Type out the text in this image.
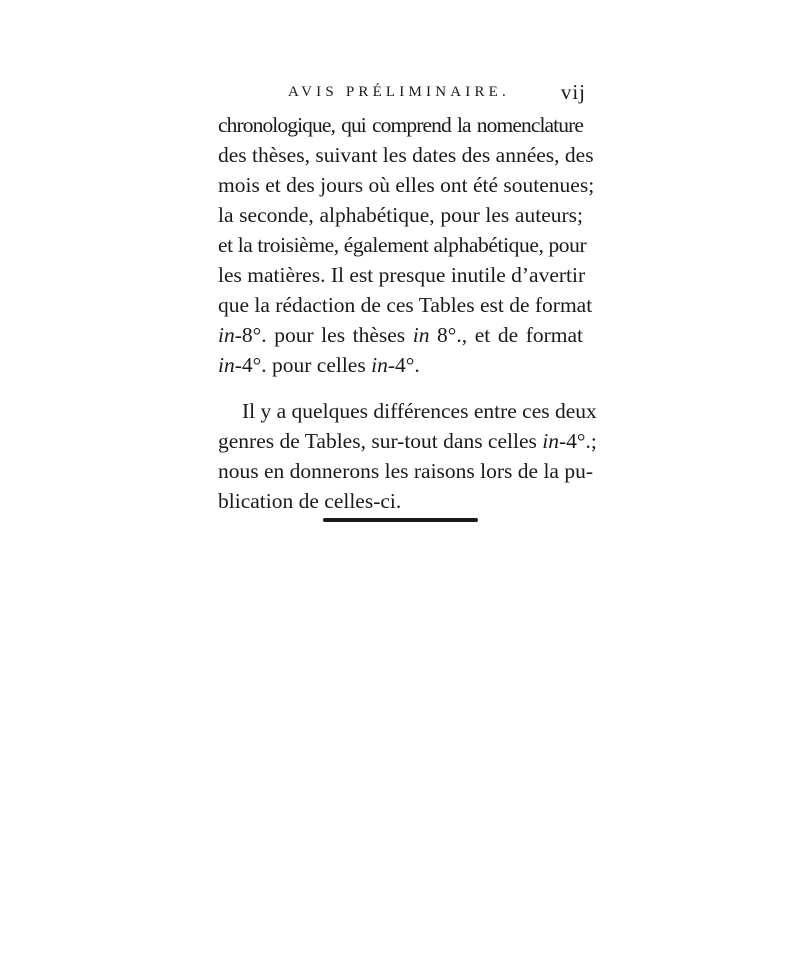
AVIS PRÉLIMINAIRE. vij

chronologique, qui comprend la nomenclature
des thèses, suivant les dates des années, des
mois et des jours où elles ont été soutenues;
la seconde, alphabétique, pour les auteurs;
et la troisième, également alphabétique, pour
les matières. Il est presque inutile d’avertir
que la rédaction de ces Tables est de format
in-8°. pour les thèses in 8°., et de format
in-4°. pour celles in-4°.

Il y a quelques différences entre ces deux
genres de Tables, sur-tout dans celles in-4°.;
nous en donnerons les raisons lors de la pu-
blication de celles-ci.
